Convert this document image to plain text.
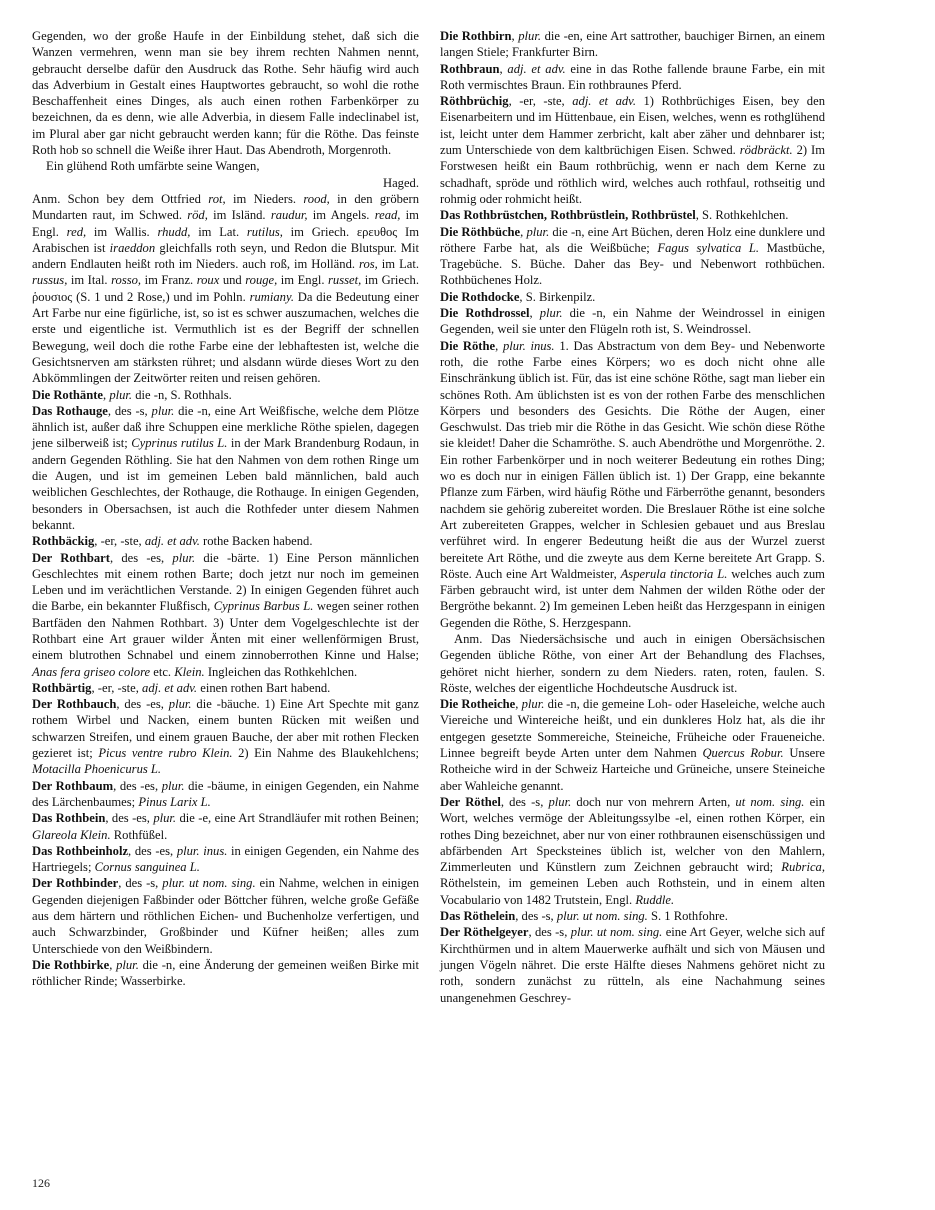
Gegenden, wo der große Haufe in der Einbildung stehet, daß sich die Wanzen vermehren, wenn man sie bey ihrem rechten Nahmen nennt, gebraucht derselbe dafür den Ausdruck das Rothe. Sehr häufig wird auch das Adverbium in Gestalt eines Hauptwortes gebraucht, so wohl die rothe Beschaffenheit eines Dinges, als auch einen rothen Farbenkörper zu bezeichnen, da es denn, wie alle Adverbia, in diesem Falle indeclinabel ist, im Plural aber gar nicht gebraucht werden kann; für die Röthe. Das feinste Roth hob so schnell die Weiße ihrer Haut. Das Abendroth, Morgenroth.

Ein glühend Roth umfärbte seine Wangen,

Haged.

Anm. Schon bey dem Ottfried rot, im Nieders. rood, in den gröbern Mundarten raut, im Schwed. röd, im Isländ. raudur, im Angels. read, im Engl. red, im Wallis. rhudd, im Lat. rutilus, im Griech. ερευθος Im Arabischen ist iraeddon gleichfalls roth seyn, und Redon die Blutspur. Mit andern Endlauten heißt roth im Nieders. auch roß, im Holländ. ros, im Lat. russus, im Ital. rosso, im Franz. roux und rouge, im Engl. russet, im Griech. ῥουσιος (S. 1 und 2 Rose,) und im Pohln. rumiany. Da die Bedeutung einer Art Farbe nur eine figürliche, ist, so ist es schwer auszumachen, welches die erste und eigentliche ist. Vermuthlich ist es der Begriff der schnellen Bewegung, weil doch die rothe Farbe eine der lebhaftesten ist, welche die Gesichtsnerven am stärksten rühret; und alsdann würde dieses Wort zu den Abkömmlingen der Zeitwörter reiten und reisen gehören.

Die Rothänte, plur. die -n, S. Rothhals.

Das Rothauge, des -s, plur. die -n, eine Art Weißfische, welche dem Plötze ähnlich ist, außer daß ihre Schuppen eine merkliche Röthe spielen, dagegen jene silberweiß ist; Cyprinus rutilus L. in der Mark Brandenburg Rodaun, in andern Gegenden Röthling. Sie hat den Nahmen von dem rothen Ringe um die Augen, und ist im gemeinen Leben bald männlichen, bald auch weiblichen Geschlechtes, der Rothauge, die Rothauge. In einigen Gegenden, besonders in Obersachsen, ist auch die Rothfeder unter diesem Nahmen bekannt.

Rothbäckig, -er, -ste, adj. et adv. rothe Backen habend.

Der Rothbart, des -es, plur. die -bärte. 1) Eine Person männlichen Geschlechtes mit einem rothen Barte; doch jetzt nur noch im gemeinen Leben und im verächtlichen Verstande. 2) In einigen Gegenden führet auch die Barbe, ein bekannter Flußfisch, Cyprinus Barbus L. wegen seiner rothen Bartfäden den Nahmen Rothbart. 3) Unter dem Vogelgeschlechte ist der Rothbart eine Art grauer wilder Änten mit einer wellenförmigen Brust, einem blutrothen Schnabel und einem zinnoberrothen Kinne und Halse; Anas fera griseo colore etc. Klein. Ingleichen das Rothkehlchen.

Rothbärtig, -er, -ste, adj. et adv. einen rothen Bart habend.

Der Rothbauch, des -es, plur. die -bäuche. 1) Eine Art Spechte mit ganz rothem Wirbel und Nacken, einem bunten Rücken mit weißen und schwarzen Streifen, und einem grauen Bauche, der aber mit rothen Flecken gezieret ist; Picus ventre rubro Klein. 2) Ein Nahme des Blaukehlchens; Motacilla Phoenicurus L.

Der Rothbaum, des -es, plur. die -bäume, in einigen Gegenden, ein Nahme des Lärchenbaumes; Pinus Larix L.

Das Rothbein, des -es, plur. die -e, eine Art Strandläufer mit rothen Beinen; Glareola Klein. Rothfüßel.

Das Rothbeinholz, des -es, plur. inus. in einigen Gegenden, ein Nahme des Hartriegels; Cornus sanguinea L.

Der Rothbinder, des -s, plur. ut nom. sing. ein Nahme, welchen in einigen Gegenden diejenigen Faßbinder oder Böttcher führen, welche große Gefäße aus dem härtern und röthlichen Eichen- und Buchenholze verfertigen, und auch Schwarzbinder, Großbinder und Küfner heißen; alles zum Unterschiede von den Weißbindern.

Die Rothbirke, plur. die -n, eine Änderung der gemeinen weißen Birke mit röthlicher Rinde; Wasserbirke.

Die Rothbirn, plur. die -en, eine Art sattrother, bauchiger Birnen, an einem langen Stiele; Frankfurter Birn.

Rothbraun, adj. et adv. eine in das Rothe fallende braune Farbe, ein mit Roth vermischtes Braun. Ein rothbraunes Pferd.

Röthbrüchig, -er, -ste, adj. et adv. 1) Rothbrüchiges Eisen, bey den Eisenarbeitern und im Hüttenbaue, ein Eisen, welches, wenn es rothglühend ist, leicht unter dem Hammer zerbricht, kalt aber zäher und dehnbarer ist; zum Unterschiede von dem kaltbrüchigen Eisen. Schwed. rödbräckt. 2) Im Forstwesen heißt ein Baum rothbrüchig, wenn er nach dem Kerne zu schadhaft, spröde und röthlich wird, welches auch rothfaul, rothseitig und rohmig oder rohmicht heißt.

Das Rothbrüstchen, Rothbrüstlein, Rothbrüstel, S. Rothkehlchen.

Die Röthbüche, plur. die -n, eine Art Büchen, deren Holz eine dunklere und röthere Farbe hat, als die Weißbüche; Fagus sylvatica L. Mastbüche, Tragebüche. S. Büche. Daher das Bey- und Nebenwort rothbüchen. Rothbüchenes Holz.

Die Rothdocke, S. Birkenpilz.

Die Rothdrossel, plur. die -n, ein Nahme der Weindrossel in einigen Gegenden, weil sie unter den Flügeln roth ist, S. Weindrossel.

Die Röthe, plur. inus. 1. Das Abstractum von dem Bey- und Nebenworte roth, die rothe Farbe eines Körpers; wo es doch nicht ohne alle Einschränkung üblich ist. Für, das ist eine schöne Röthe, sagt man lieber ein schönes Roth. Am üblichsten ist es von der rothen Farbe des menschlichen Körpers und besonders des Gesichts. Die Röthe der Augen, einer Geschwulst. Das trieb mir die Röthe in das Gesicht. Wie schön diese Röthe sie kleidet! Daher die Schamröthe. S. auch Abendröthe und Morgenröthe. 2. Ein rother Farbenkörper und in noch weiterer Bedeutung ein rothes Ding; wo es doch nur in einigen Fällen üblich ist. 1) Der Grapp, eine bekannte Pflanze zum Färben, wird häufig Röthe und Färberröthe genannt, besonders nachdem sie gehörig zubereitet worden. Die Breslauer Röthe ist eine solche Art zubereiteten Grappes, welcher in Schlesien gebauet und aus Breslau verführet wird. In engerer Bedeutung heißt die aus der Wurzel zuerst bereitete Art Röthe, und die zweyte aus dem Kerne bereitete Art Grapp. S. Röste. Auch eine Art Waldmeister, Asperula tinctoria L. welches auch zum Färben gebraucht wird, ist unter dem Nahmen der wilden Röthe oder der Bergröthe bekannt. 2) Im gemeinen Leben heißt das Herzgespann in einigen Gegenden die Röthe, S. Herzgespann.

Anm. Das Niedersächsische und auch in einigen Obersächsischen Gegenden übliche Röthe, von einer Art der Behandlung des Flachses, gehöret nicht hierher, sondern zu dem Nieders. raten, roten, faulen. S. Röste, welches der eigentliche Hochdeutsche Ausdruck ist.

Die Rotheiche, plur. die -n, die gemeine Loh- oder Haseleiche, welche auch Viereiche und Wintereiche heißt, und ein dunkleres Holz hat, als die ihr entgegen gesetzte Sommereiche, Steineiche, Früheiche oder Fraueneiche. Linnee begreift beyde Arten unter dem Nahmen Quercus Robur. Unsere Rotheiche wird in der Schweiz Harteiche und Grüneiche, unsere Steineiche aber Wahleiche genannt.

Der Röthel, des -s, plur. doch nur von mehrern Arten, ut nom. sing. ein Wort, welches vermöge der Ableitungssylbe -el, einen rothen Körper, ein rothes Ding bezeichnet, aber nur von einer rothbraunen eisenschüssigen und abfärbenden Art Specksteines üblich ist, welcher von den Mahlern, Zimmerleuten und Künstlern zum Zeichnen gebraucht wird; Rubrica, Röthelstein, im gemeinen Leben auch Rothstein, und in einem alten Vocabulario von 1482 Trutstein, Engl. Ruddle.

Das Röthelein, des -s, plur. ut nom. sing. S. 1 Rothfohre.

Der Röthelgeyer, des -s, plur. ut nom. sing. eine Art Geyer, welche sich auf Kirchthürmen und in altem Mauerwerke aufhält und sich von Mäusen und jungen Vögeln nähret. Die erste Hälfte dieses Nahmens gehöret nicht zu roth, sondern zunächst zu rütteln, als eine Nachahmung seines unangenehmen Geschrey-

126
